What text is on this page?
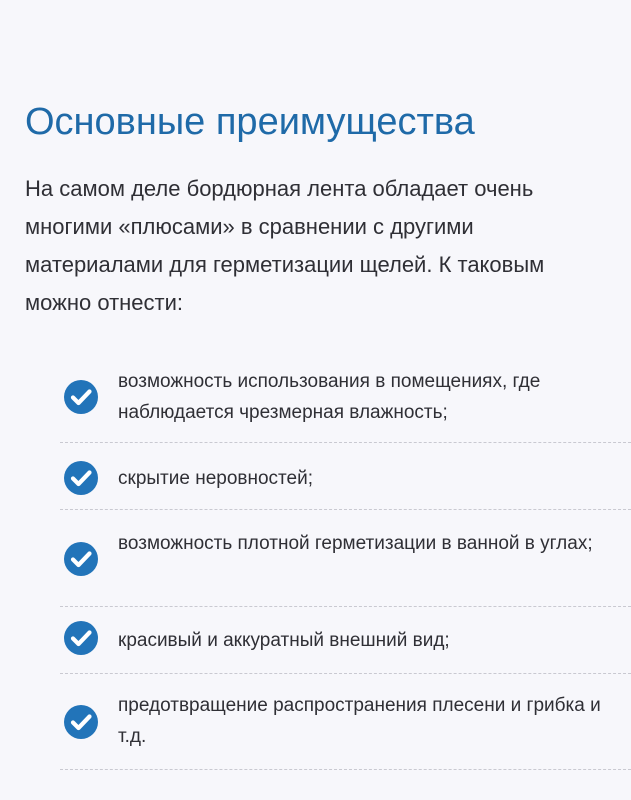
Основные преимущества

На самом деле бордюрная лента обладает очень многими «плюсами» в сравнении с другими материалами для герметизации щелей. К таковым можно отнести:

возможность использования в помещениях, где наблюдается чрезмерная влажность;
скрытие неровностей;
возможность плотной герметизации в ванной в углах;
красивый и аккуратный внешний вид;
предотвращение распространения плесени и грибка и т.д.
